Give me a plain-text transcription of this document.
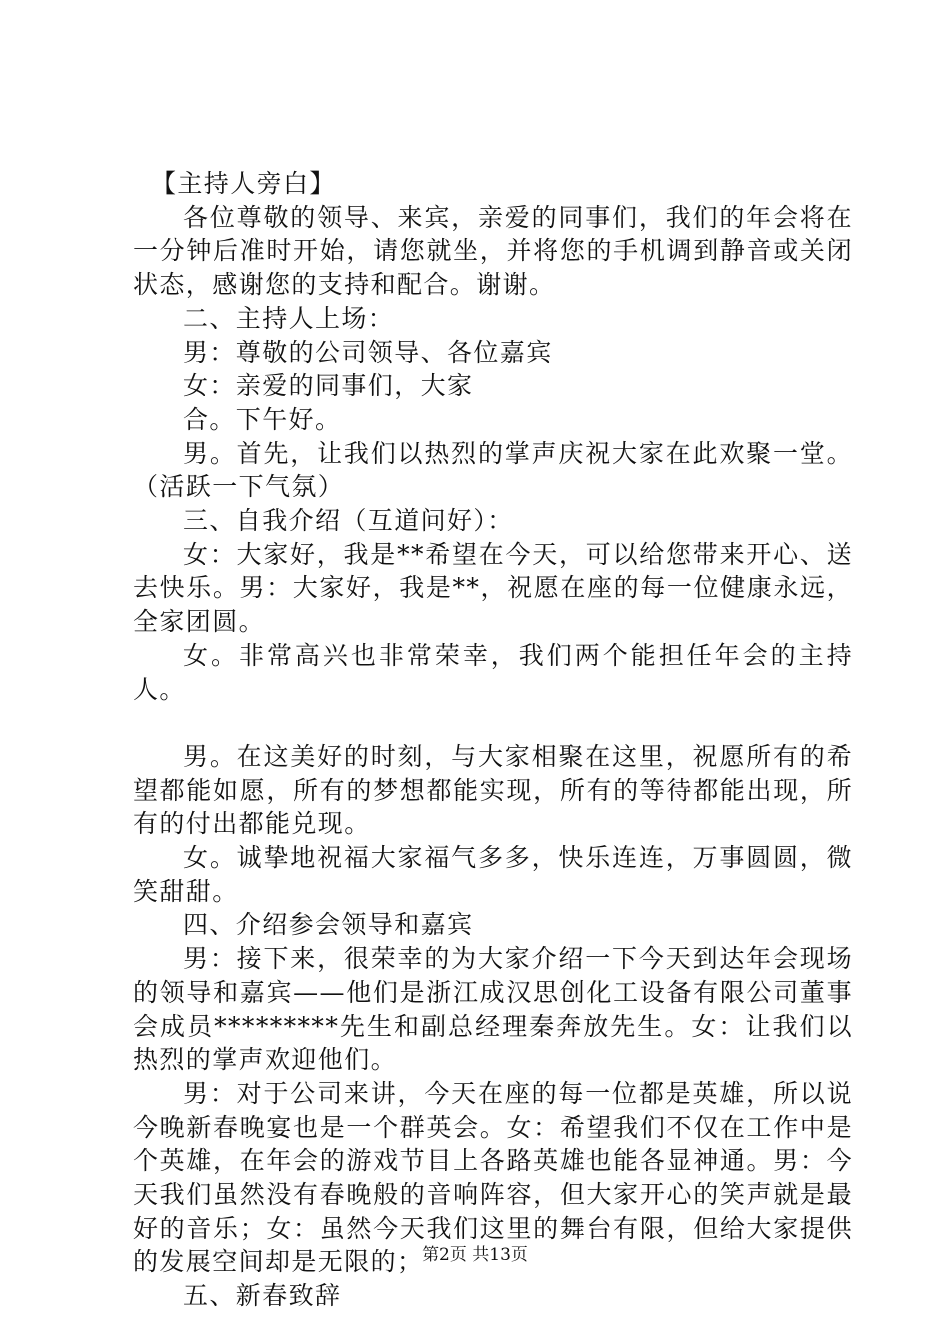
【主持人旁白】

各位尊敬的领导、来宾，亲爱的同事们，我们的年会将在一分钟后准时开始，请您就坐，并将您的手机调到静音或关闭状态，感谢您的支持和配合。谢谢。

二、主持人上场：

男：尊敬的公司领导、各位嘉宾

女：亲爱的同事们，大家

合。下午好。

男。首先，让我们以热烈的掌声庆祝大家在此欢聚一堂。（活跃一下气氛）

三、自我介绍（互道问好）：

女：大家好，我是**希望在今天，可以给您带来开心、送去快乐。男：大家好，我是**，祝愿在座的每一位健康永远，全家团圆。

女。非常高兴也非常荣幸，我们两个能担任年会的主持人。

男。在这美好的时刻，与大家相聚在这里，祝愿所有的希望都能如愿，所有的梦想都能实现，所有的等待都能出现，所有的付出都能兑现。

女。诚挚地祝福大家福气多多，快乐连连，万事圆圆，微笑甜甜。

四、介绍参会领导和嘉宾

男：接下来，很荣幸的为大家介绍一下今天到达年会现场的领导和嘉宾——他们是浙江成汉思创化工设备有限公司董事会成员*********先生和副总经理秦奔放先生。女：让我们以热烈的掌声欢迎他们。

男：对于公司来讲，今天在座的每一位都是英雄，所以说今晚新春晚宴也是一个群英会。女：希望我们不仅在工作中是个英雄，在年会的游戏节目上各路英雄也能各显神通。男：今天我们虽然没有春晚般的音响阵容，但大家开心的笑声就是最好的音乐；女：虽然今天我们这里的舞台有限，但给大家提供的发展空间却是无限的；

五、新春致辞

第2页 共13页
